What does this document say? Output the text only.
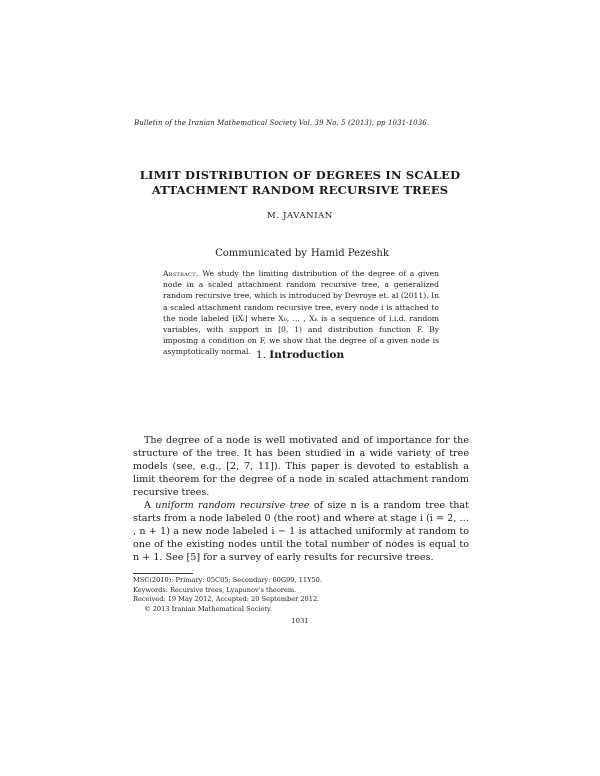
Bulletin of the Iranian Mathematical Society Vol. 39 No. 5 (2013), pp 1031-1036.
LIMIT DISTRIBUTION OF DEGREES IN SCALED
ATTACHMENT RANDOM RECURSIVE TREES
M. JAVANIAN
Communicated by Hamid Pezeshk
Abstract. We study the limiting distribution of the degree of a given node in a scaled attachment random recursive tree, a generalized random recursive tree, which is introduced by Devroye et. al (2011). In a scaled attachment random recursive tree, every node i is attached to the node labeled ⌊iXᵢ⌋ where X₀, … , Xₙ is a sequence of i.i.d. random variables, with support in [0, 1) and distribution function F. By imposing a condition on F, we show that the degree of a given node is asymptotically normal. 1. Introduction

The degree of a node is well motivated and of importance for the structure of the tree. It has been studied in a wide variety of tree models (see, e.g., [2, 7, 11]). This paper is devoted to establish a limit theorem for the degree of a node in scaled attachment random recursive trees.

A uniform random recursive tree of size n is a random tree that starts from a node labeled 0 (the root) and where at stage i (i = 2, … , n + 1) a new node labeled i − 1 is attached uniformly at random to one of the existing nodes until the total number of nodes is equal to n + 1. See [5] for a survey of early results for recursive trees.

MSC(2010): Primary: 05C05; Secondary: 60G99, 11Y50.
Keywords: Recursive trees, Lyapunov's theorem.
Received: 19 May 2012, Accepted: 20 September 2012.
© 2013 Iranian Mathematical Society.
1031
